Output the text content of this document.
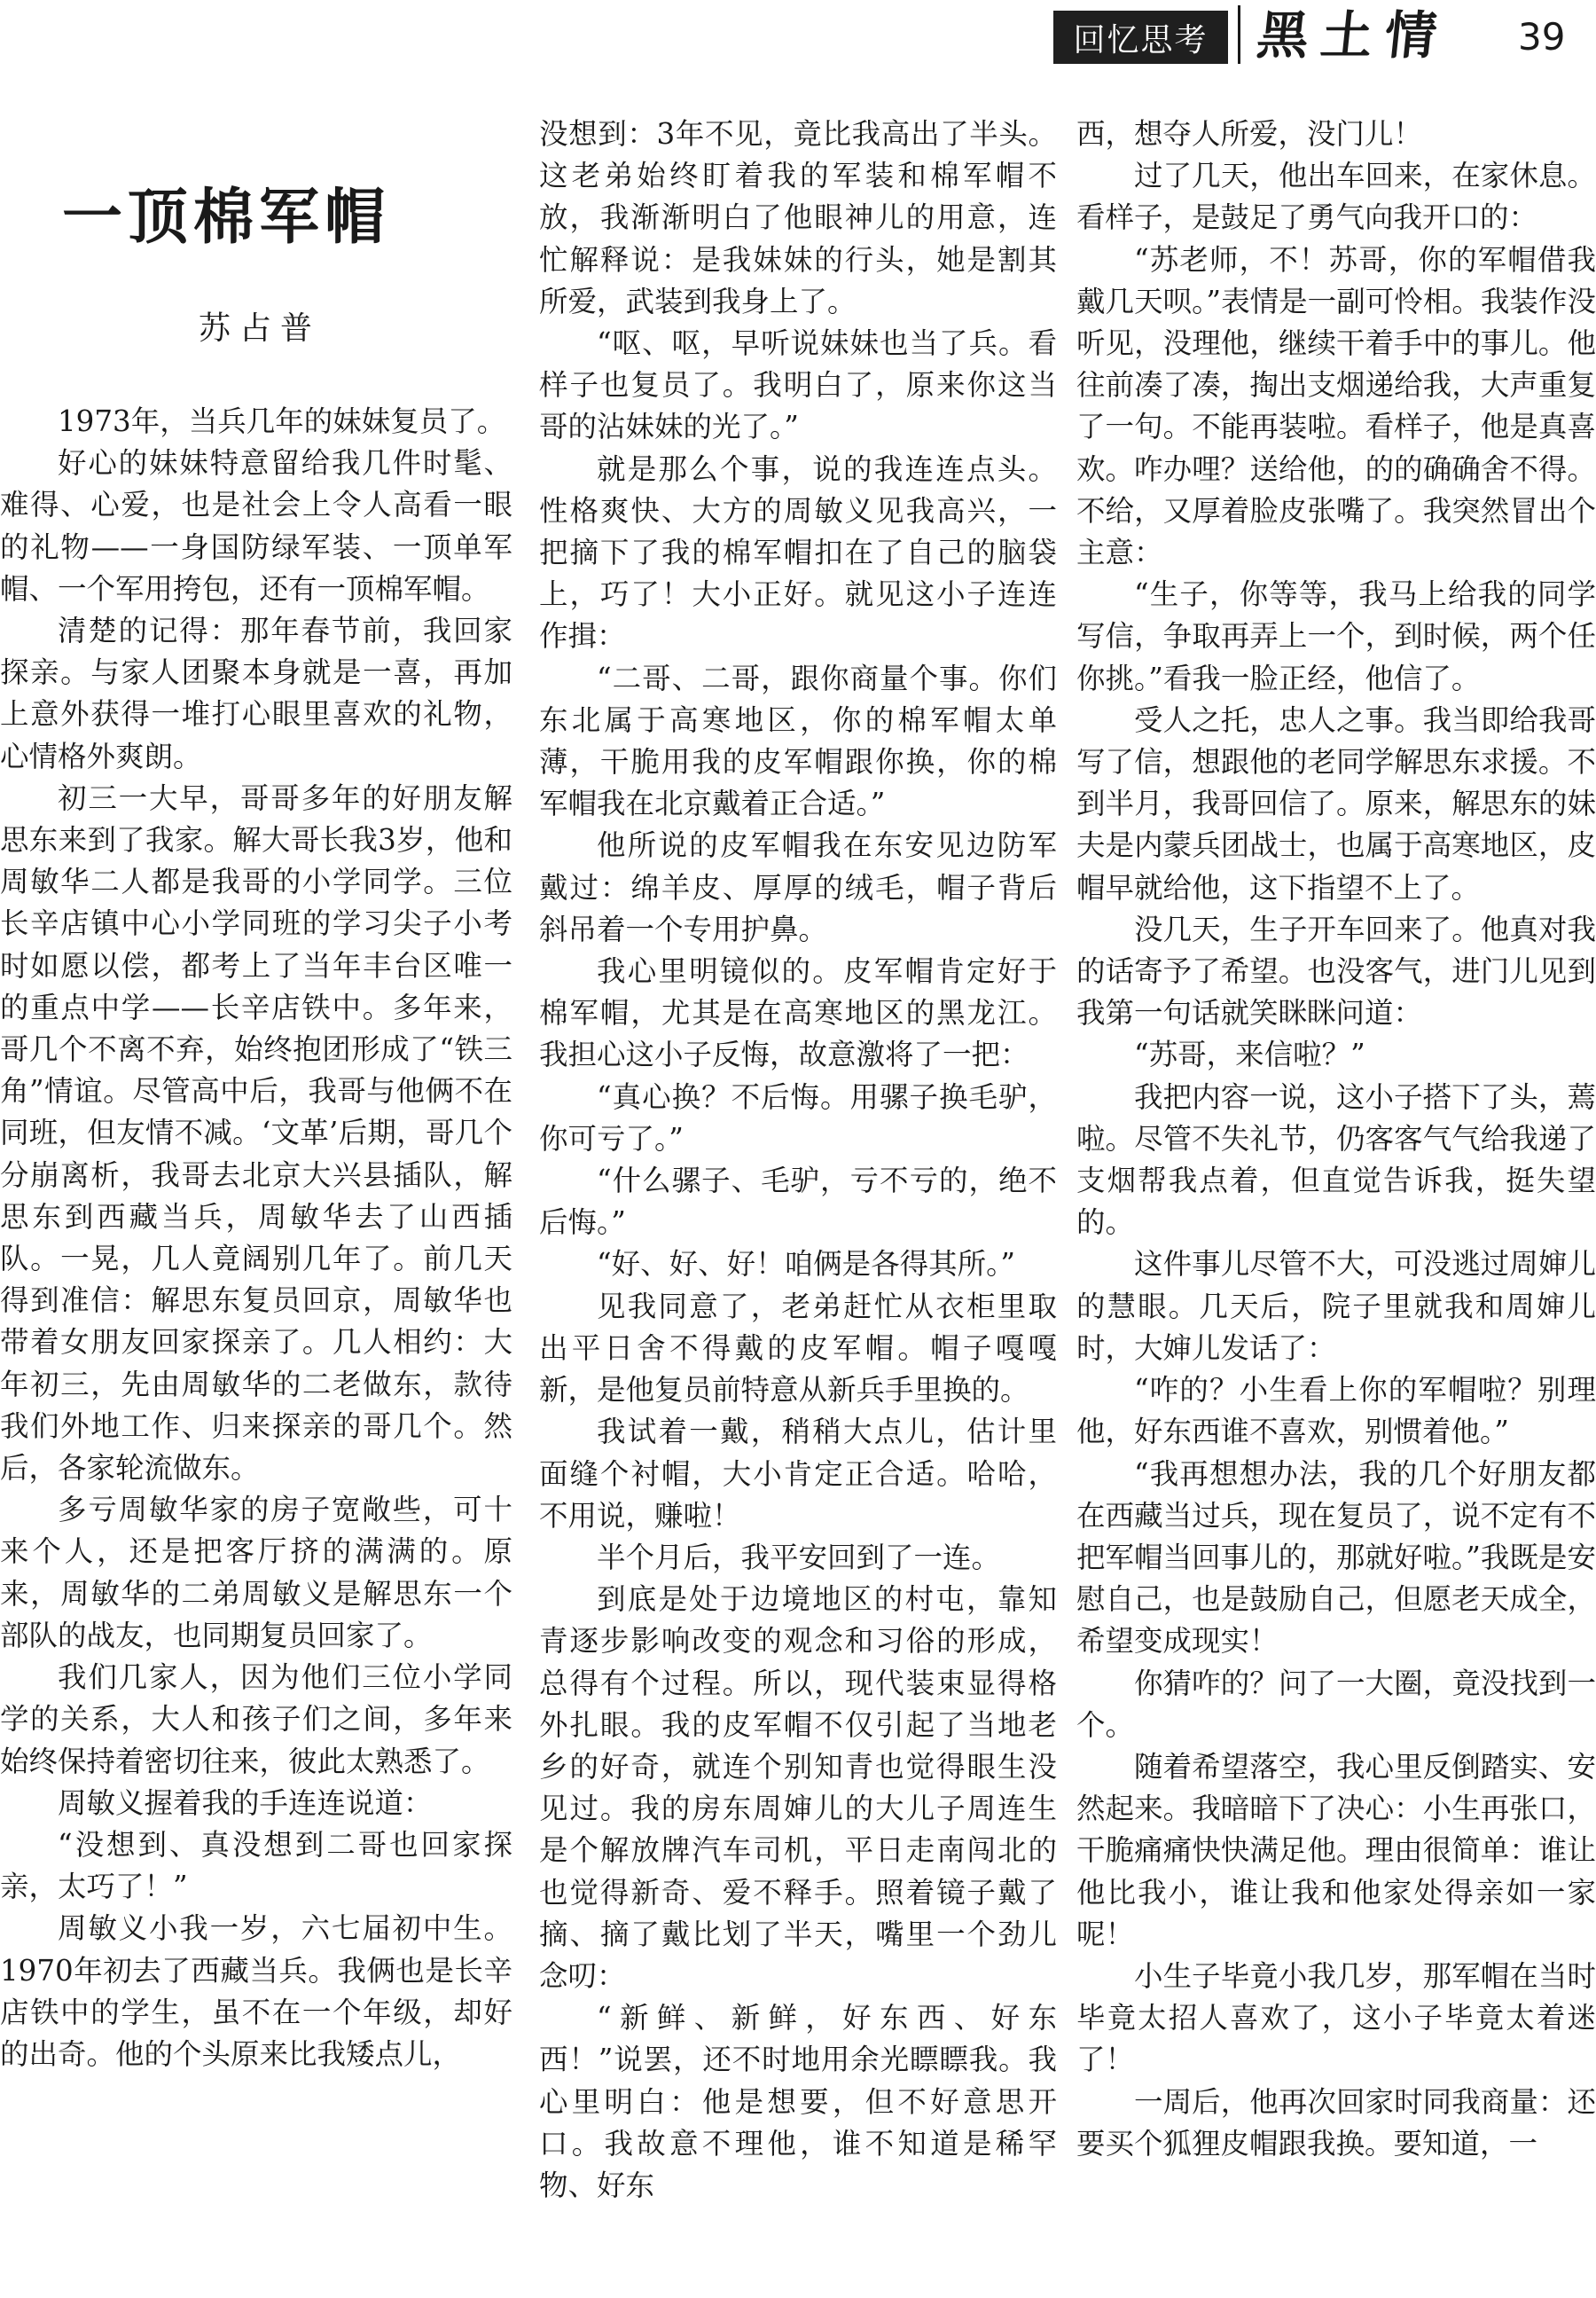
回忆思考 黑土情 39
一顶棉军帽
苏占普

1973年，当兵几年的妹妹复员了。

好心的妹妹特意留给我几件时髦、难得、心爱，也是社会上令人高看一眼的礼物——一身国防绿军装、一顶单军帽、一个军用挎包，还有一顶棉军帽。

清楚的记得：那年春节前，我回家探亲。与家人团聚本身就是一喜，再加上意外获得一堆打心眼里喜欢的礼物，心情格外爽朗。

初三一大早，哥哥多年的好朋友解思东来到了我家。解大哥长我3岁，他和周敏华二人都是我哥的小学同学。三位长辛店镇中心小学同班的学习尖子小考时如愿以偿，都考上了当年丰台区唯一的重点中学——长辛店铁中。多年来，哥几个不离不弃，始终抱团形成了“铁三角”情谊。尽管高中后，我哥与他俩不在同班，但友情不减。‘文革’后期，哥几个分崩离析，我哥去北京大兴县插队，解思东到西藏当兵，周敏华去了山西插队。一晃，几人竟阔别几年了。前几天得到准信：解思东复员回京，周敏华也带着女朋友回家探亲了。几人相约：大年初三，先由周敏华的二老做东，款待我们外地工作、归来探亲的哥几个。然后，各家轮流做东。

多亏周敏华家的房子宽敞些，可十来个人，还是把客厅挤的满满的。原来，周敏华的二弟周敏义是解思东一个部队的战友，也同期复员回家了。

我们几家人，因为他们三位小学同学的关系，大人和孩子们之间，多年来始终保持着密切往来，彼此太熟悉了。

周敏义握着我的手连连说道：

“没想到、真没想到二哥也回家探亲，太巧了！”

周敏义小我一岁，六七届初中生。1970年初去了西藏当兵。我俩也是长辛店铁中的学生，虽不在一个年级，却好的出奇。他的个头原来比我矮点儿，

没想到：3年不见，竟比我高出了半头。这老弟始终盯着我的军装和棉军帽不放，我渐渐明白了他眼神儿的用意，连忙解释说：是我妹妹的行头，她是割其所爱，武装到我身上了。

“呕、呕，早听说妹妹也当了兵。看样子也复员了。我明白了，原来你这当哥的沾妹妹的光了。”

就是那么个事，说的我连连点头。性格爽快、大方的周敏义见我高兴，一把摘下了我的棉军帽扣在了自己的脑袋上，巧了！大小正好。就见这小子连连作揖：

“二哥、二哥，跟你商量个事。你们东北属于高寒地区，你的棉军帽太单薄，干脆用我的皮军帽跟你换，你的棉军帽我在北京戴着正合适。”

他所说的皮军帽我在东安见边防军戴过：绵羊皮、厚厚的绒毛，帽子背后斜吊着一个专用护鼻。

我心里明镜似的。皮军帽肯定好于棉军帽，尤其是在高寒地区的黑龙江。我担心这小子反悔，故意激将了一把：

“真心换？不后悔。用骡子换毛驴，你可亏了。”

“什么骡子、毛驴，亏不亏的，绝不后悔。”

“好、好、好！咱俩是各得其所。”

见我同意了，老弟赶忙从衣柜里取出平日舍不得戴的皮军帽。帽子嘎嘎新，是他复员前特意从新兵手里换的。

我试着一戴，稍稍大点儿，估计里面缝个衬帽，大小肯定正合适。哈哈，不用说，赚啦！

半个月后，我平安回到了一连。

到底是处于边境地区的村屯，靠知青逐步影响改变的观念和习俗的形成，总得有个过程。所以，现代装束显得格外扎眼。我的皮军帽不仅引起了当地老乡的好奇，就连个别知青也觉得眼生没见过。我的房东周婶儿的大儿子周连生是个解放牌汽车司机，平日走南闯北的也觉得新奇、爱不释手。照着镜子戴了摘、摘了戴比划了半天，嘴里一个劲儿念叨：

“新鲜、新鲜，好东西、好东西！”说罢，还不时地用余光瞟瞟我。我心里明白：他是想要，但不好意思开口。我故意不理他，谁不知道是稀罕物、好东

西，想夺人所爱，没门儿！

过了几天，他出车回来，在家休息。看样子，是鼓足了勇气向我开口的：

“苏老师，不！苏哥，你的军帽借我戴几天呗。”表情是一副可怜相。我装作没听见，没理他，继续干着手中的事儿。他往前凑了凑，掏出支烟递给我，大声重复了一句。不能再装啦。看样子，他是真喜欢。咋办哩？送给他，的的确确舍不得。不给，又厚着脸皮张嘴了。我突然冒出个主意：

“生子，你等等，我马上给我的同学写信，争取再弄上一个，到时候，两个任你挑。”看我一脸正经，他信了。

受人之托，忠人之事。我当即给我哥写了信，想跟他的老同学解思东求援。不到半月，我哥回信了。原来，解思东的妹夫是内蒙兵团战士，也属于高寒地区，皮帽早就给他，这下指望不上了。

没几天，生子开车回来了。他真对我的话寄予了希望。也没客气，进门儿见到我第一句话就笑眯眯问道：

“苏哥，来信啦？”

我把内容一说，这小子搭下了头，蔫啦。尽管不失礼节，仍客客气气给我递了支烟帮我点着，但直觉告诉我，挺失望的。

这件事儿尽管不大，可没逃过周婶儿的慧眼。几天后，院子里就我和周婶儿时，大婶儿发话了：

“咋的？小生看上你的军帽啦？别理他，好东西谁不喜欢，别惯着他。”

“我再想想办法，我的几个好朋友都在西藏当过兵，现在复员了，说不定有不把军帽当回事儿的，那就好啦。”我既是安慰自己，也是鼓励自己，但愿老天成全，希望变成现实！

你猜咋的？问了一大圈，竟没找到一个。

随着希望落空，我心里反倒踏实、安然起来。我暗暗下了决心：小生再张口，干脆痛痛快快满足他。理由很简单：谁让他比我小，谁让我和他家处得亲如一家呢！

小生子毕竟小我几岁，那军帽在当时毕竟太招人喜欢了，这小子毕竟太着迷了！

一周后，他再次回家时同我商量：还要买个狐狸皮帽跟我换。要知道，一
